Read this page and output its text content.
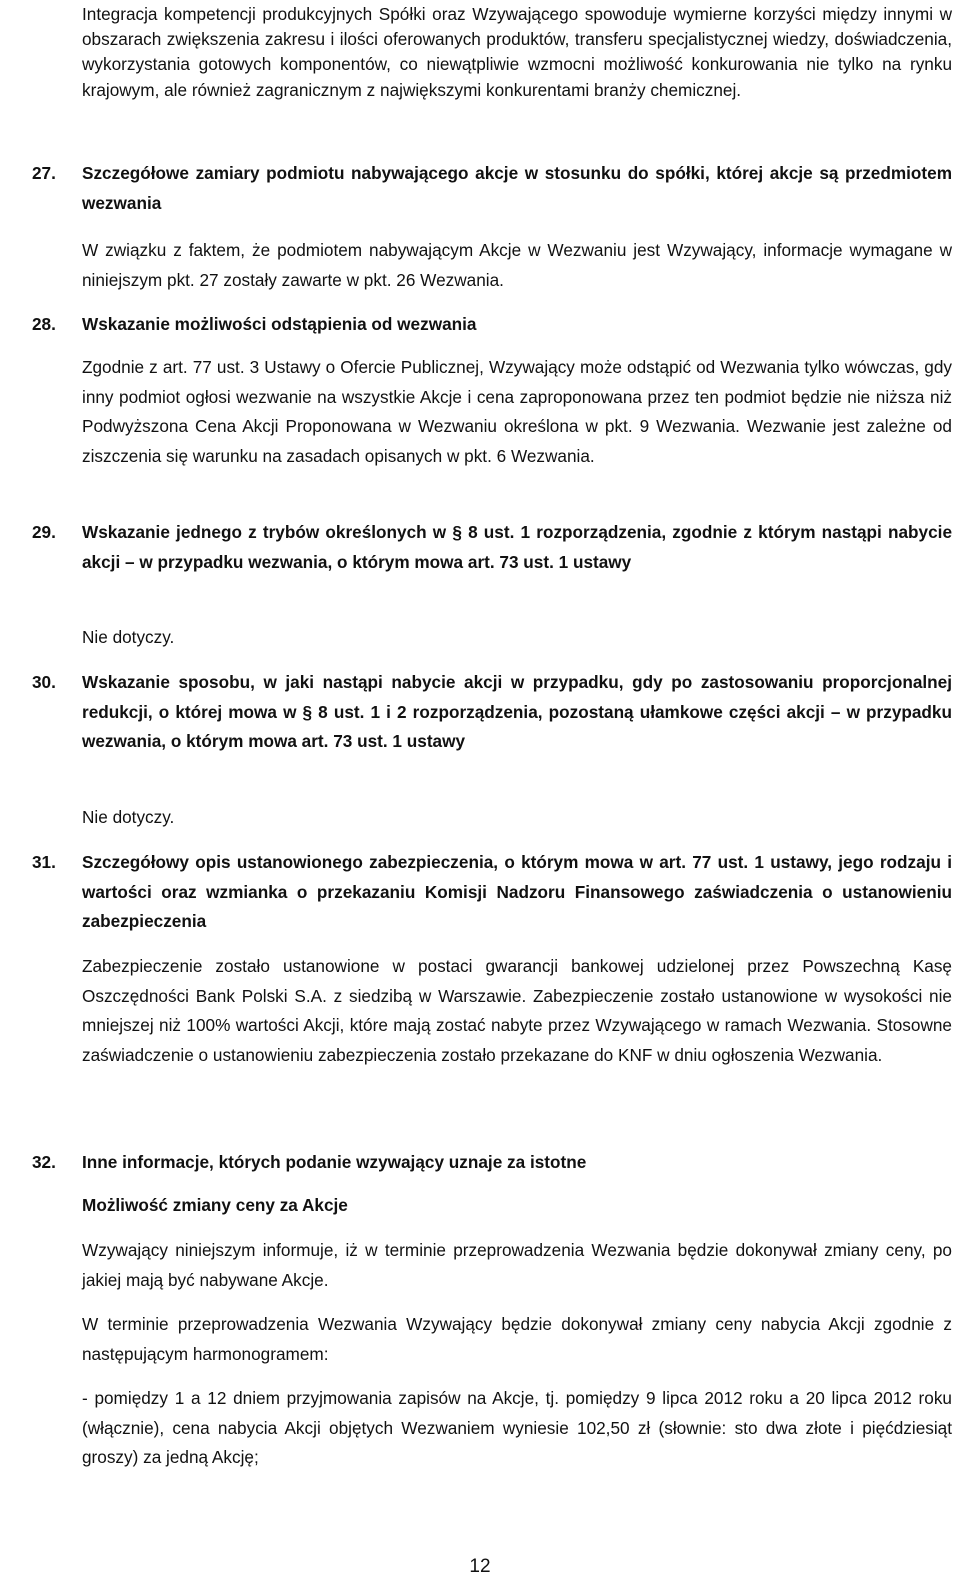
Integracja kompetencji produkcyjnych Spółki oraz Wzywającego spowoduje wymierne korzyści między innymi w obszarach zwiększenia zakresu i ilości oferowanych produktów, transferu specjalistycznej wiedzy, doświadczenia, wykorzystania gotowych komponentów, co niewątpliwie wzmocni możliwość konkurowania nie tylko na rynku krajowym, ale również zagranicznym z największymi konkurentami branży chemicznej.

27. Szczegółowe zamiary podmiotu nabywającego akcje w stosunku do spółki, której akcje są przedmiotem wezwania

W związku z faktem, że podmiotem nabywającym Akcje w Wezwaniu jest Wzywający, informacje wymagane w niniejszym pkt. 27 zostały zawarte w pkt. 26 Wezwania.

28. Wskazanie możliwości odstąpienia od wezwania

Zgodnie z art. 77 ust. 3 Ustawy o Ofercie Publicznej, Wzywający może odstąpić od Wezwania tylko wówczas, gdy inny podmiot ogłosi wezwanie na wszystkie Akcje i cena zaproponowana przez ten podmiot będzie nie niższa niż Podwyższona Cena Akcji Proponowana w Wezwaniu określona w pkt. 9 Wezwania. Wezwanie jest zależne od ziszczenia się warunku na zasadach opisanych w pkt. 6 Wezwania.

29. Wskazanie jednego z trybów określonych w § 8 ust. 1 rozporządzenia, zgodnie z którym nastąpi nabycie akcji – w przypadku wezwania, o którym mowa art. 73 ust. 1 ustawy

Nie dotyczy.

30. Wskazanie sposobu, w jaki nastąpi nabycie akcji w przypadku, gdy po zastosowaniu proporcjonalnej redukcji, o której mowa w § 8 ust. 1 i 2 rozporządzenia, pozostaną ułamkowe części akcji – w przypadku wezwania, o którym mowa art. 73 ust. 1 ustawy

Nie dotyczy.

31. Szczegółowy opis ustanowionego zabezpieczenia, o którym mowa w art. 77 ust. 1 ustawy, jego rodzaju i wartości oraz wzmianka o przekazaniu Komisji Nadzoru Finansowego zaświadczenia o ustanowieniu zabezpieczenia

Zabezpieczenie zostało ustanowione w postaci gwarancji bankowej udzielonej przez Powszechną Kasę Oszczędności Bank Polski S.A. z siedzibą w Warszawie. Zabezpieczenie zostało ustanowione w wysokości nie mniejszej niż 100% wartości Akcji, które mają zostać nabyte przez Wzywającego w ramach Wezwania. Stosowne zaświadczenie o ustanowieniu zabezpieczenia zostało przekazane do KNF w dniu ogłoszenia Wezwania.

32. Inne informacje, których podanie wzywający uznaje za istotne

Możliwość zmiany ceny za Akcje

Wzywający niniejszym informuje, iż w terminie przeprowadzenia Wezwania będzie dokonywał zmiany ceny, po jakiej mają być nabywane Akcje.

W terminie przeprowadzenia Wezwania Wzywający będzie dokonywał zmiany ceny nabycia Akcji zgodnie z następującym harmonogramem:

- pomiędzy 1 a 12 dniem przyjmowania zapisów na Akcje, tj. pomiędzy 9 lipca 2012 roku a 20 lipca 2012 roku (włącznie), cena nabycia Akcji objętych Wezwaniem wyniesie 102,50 zł (słownie: sto dwa złote i pięćdziesiąt groszy) za jedną Akcję;

12
